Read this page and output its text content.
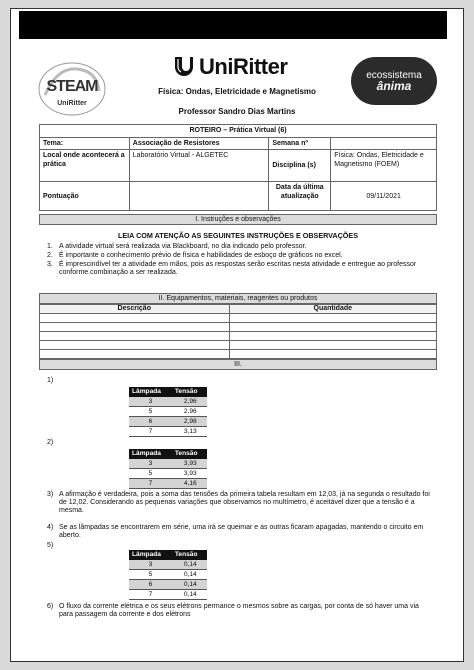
STEAM
UniRitter
UniRitter	ecossistema
ânima
Física: Ondas, Eletricidade e Magnetismo
Professor Sandro Dias Martins
ROTEIRO – Prática Virtual (6)			
Tema:	Associação de Resistores	Semana nº	
Local onde acontecerá a prática	Laboratório Virtual - ALGETEC	Disciplina (s)	Física: Ondas, Eletricidade e Magnetismo (FOEM)
Pontuação		Data da última atualização	09/11/2021
I. Instruções e observações
LEIA COM ATENÇÃO AS SEGUINTES INSTRUÇÕES E OBSERVAÇÕES
1. A atividade virtual será realizada via Blackboard, no dia indicado pelo professor.
2. É importante o conhecimento prévio de física e habilidades de esboço de gráficos no excel.
3. É imprescindível ter a atividade em mãos, pois as respostas serão escritas nesta atividade e entregue ao professor conforme combinação a ser realizada.
II. Equipamentos, materiais, reagentes ou produtos
Descrição	Quantidade

III.
1)
Lâmpada	Tensão
3	2,96
5	2,96
6	2,98
7	3,13
2)
Lâmpada	Tensão
3	3,93
5	3,93
7	4,16
3) A afirmação é verdadeira, pois a soma das tensões da primeira tabela resultam em 12,03, já na segunda o resultado foi de 12,02. Considerando as pequenas variações que observamos no multímetro, é aceitável dizer que a tensão é a mesma.
4) Se as lâmpadas se encontrarem em série, uma irá se queimar e as outras ficaram apagadas, mantendo o circuito em aberto.
5)
Lâmpada	Tensão
3	0,14
5	0,14
6	0,14
7	0,14
6) O fluxo da corrente elétrica e os seus elétrons permance o mesmos sobre as cargas, por conta de só haver uma via para passagem da corrente e dos elétrons
